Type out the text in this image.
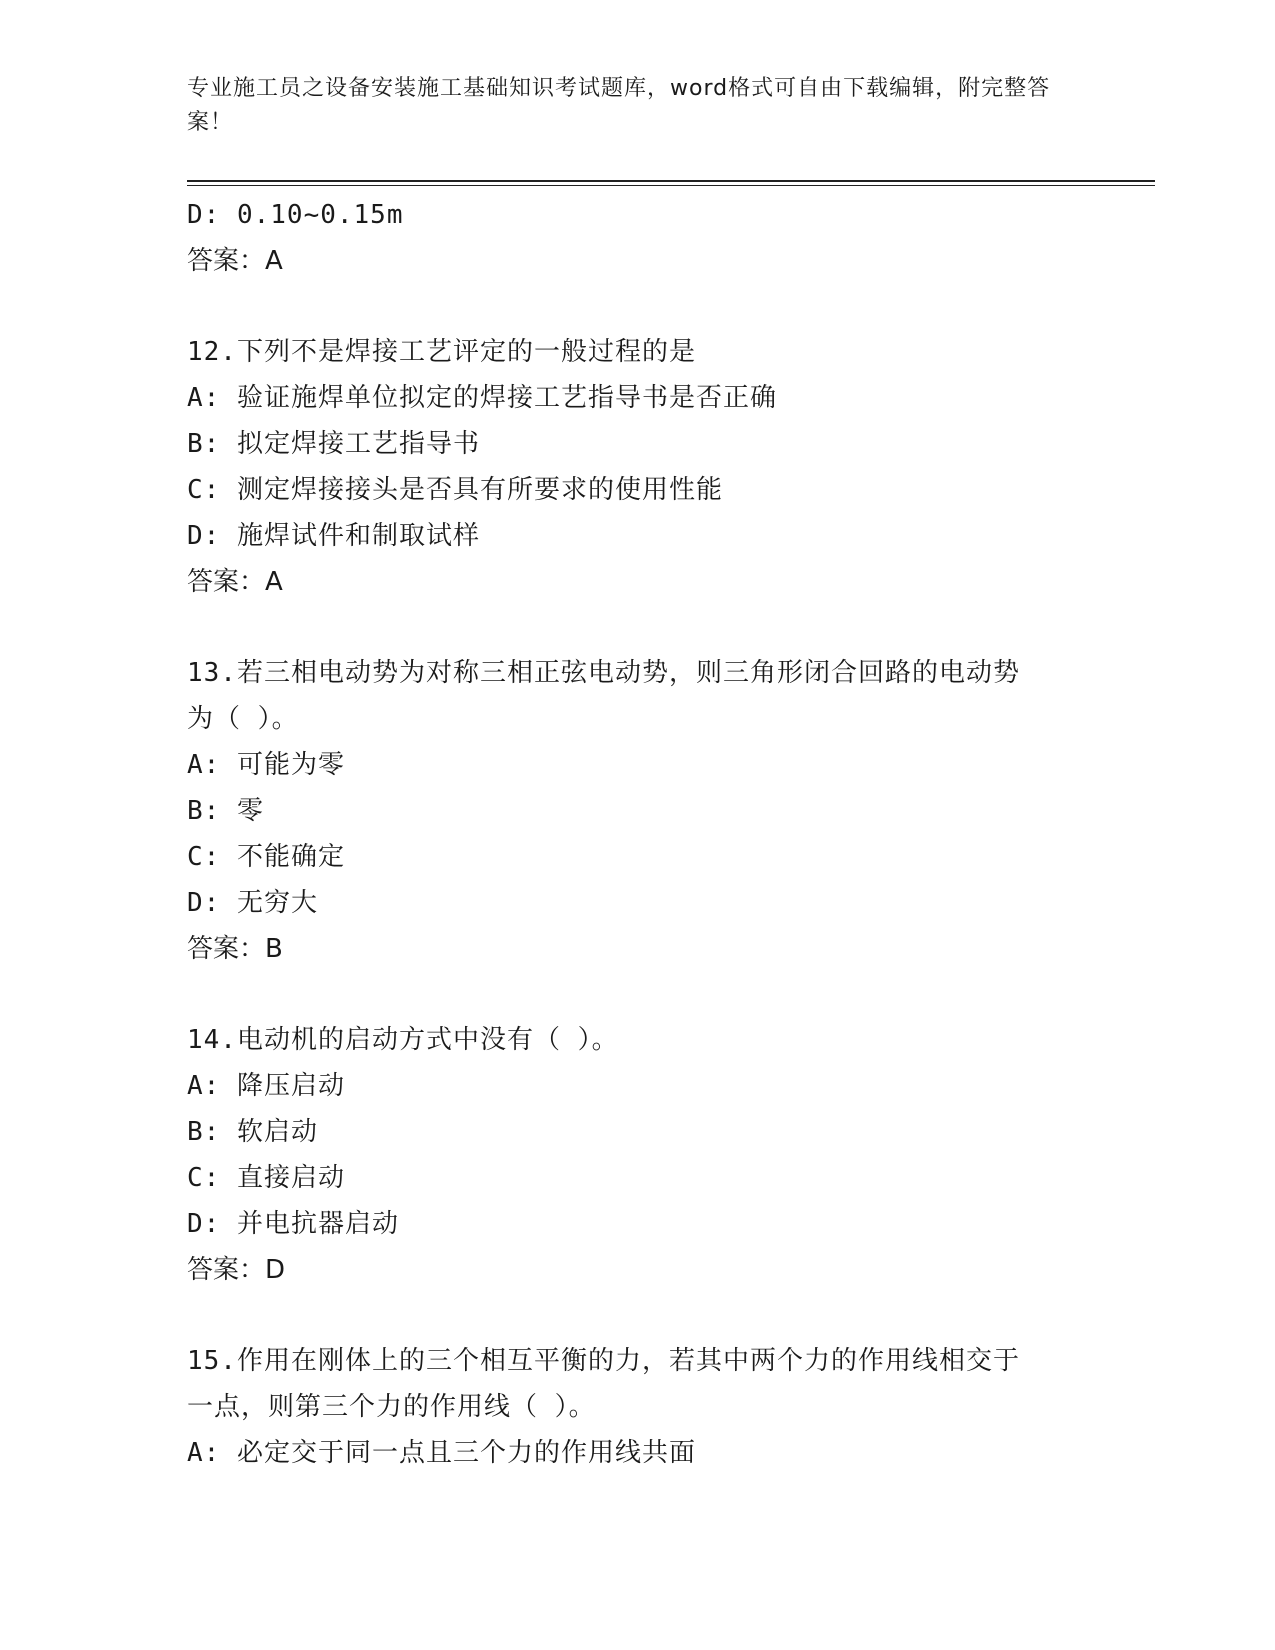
专业施工员之设备安装施工基础知识考试题库，word格式可自由下载编辑，附完整答案！
D: 0.10~0.15m
答案：A
12.下列不是焊接工艺评定的一般过程的是
A: 验证施焊单位拟定的焊接工艺指导书是否正确
B: 拟定焊接工艺指导书
C: 测定焊接接头是否具有所要求的使用性能
D: 施焊试件和制取试样
答案：A
13.若三相电动势为对称三相正弦电动势，则三角形闭合回路的电动势
为（ ）。
A: 可能为零
B: 零
C: 不能确定
D: 无穷大
答案：B
14.电动机的启动方式中没有（ ）。
A: 降压启动
B: 软启动
C: 直接启动
D: 并电抗器启动
答案：D
15.作用在刚体上的三个相互平衡的力，若其中两个力的作用线相交于
一点，则第三个力的作用线（ ）。
A: 必定交于同一点且三个力的作用线共面
